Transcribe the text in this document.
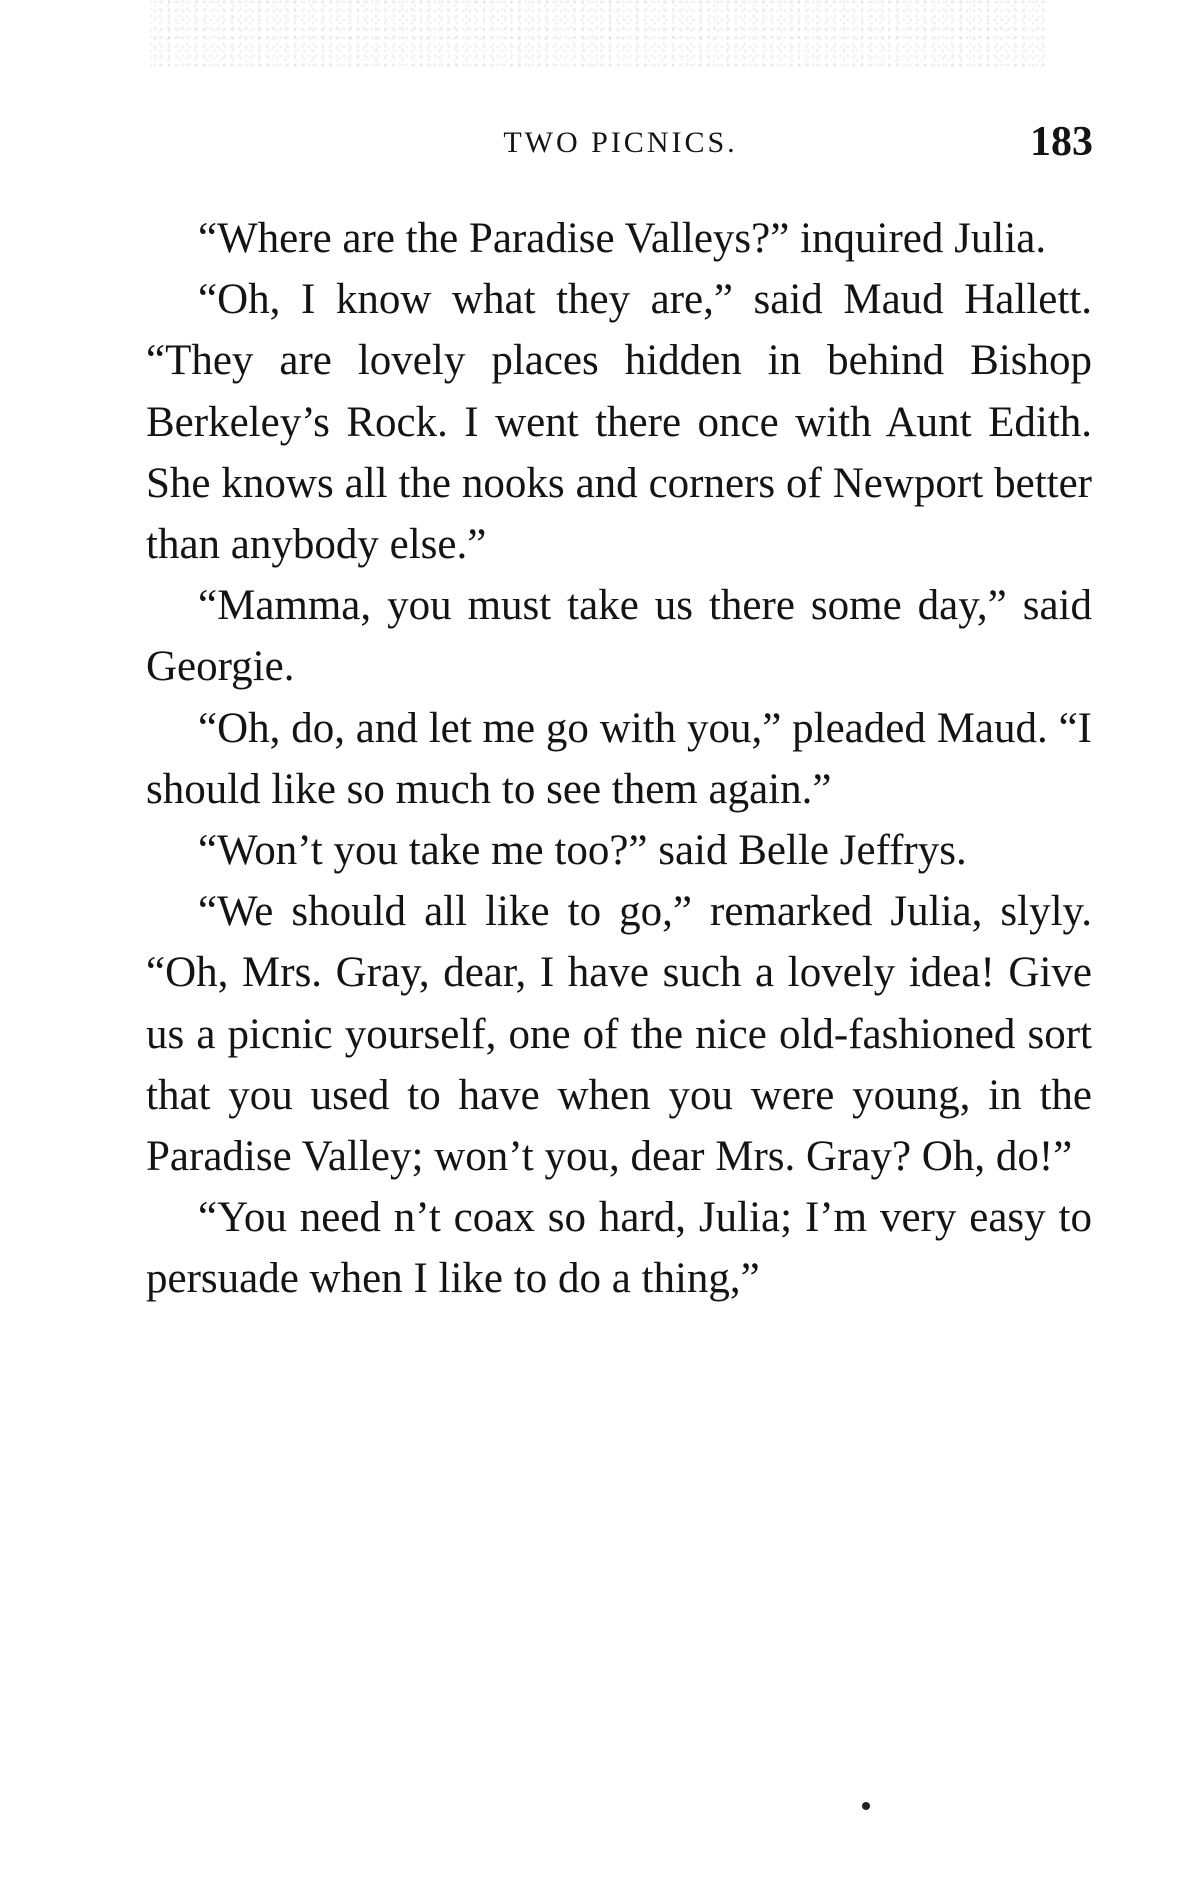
TWO PICNICS.	183

“Where are the Paradise Valleys?” inquired Julia.

“Oh, I know what they are,” said Maud Hallett. “They are lovely places hidden in behind Bishop Berkeley’s Rock. I went there once with Aunt Edith. She knows all the nooks and corners of Newport better than anybody else.”

“Mamma, you must take us there some day,” said Georgie.

“Oh, do, and let me go with you,” pleaded Maud. “I should like so much to see them again.”

“Won’t you take me too?” said Belle Jeffrys.

“We should all like to go,” remarked Julia, slyly. “Oh, Mrs. Gray, dear, I have such a lovely idea! Give us a picnic yourself, one of the nice old-fashioned sort that you used to have when you were young, in the Paradise Valley; won’t you, dear Mrs. Gray? Oh, do!”

“You need n’t coax so hard, Julia; I’m very easy to persuade when I like to do a thing,”
